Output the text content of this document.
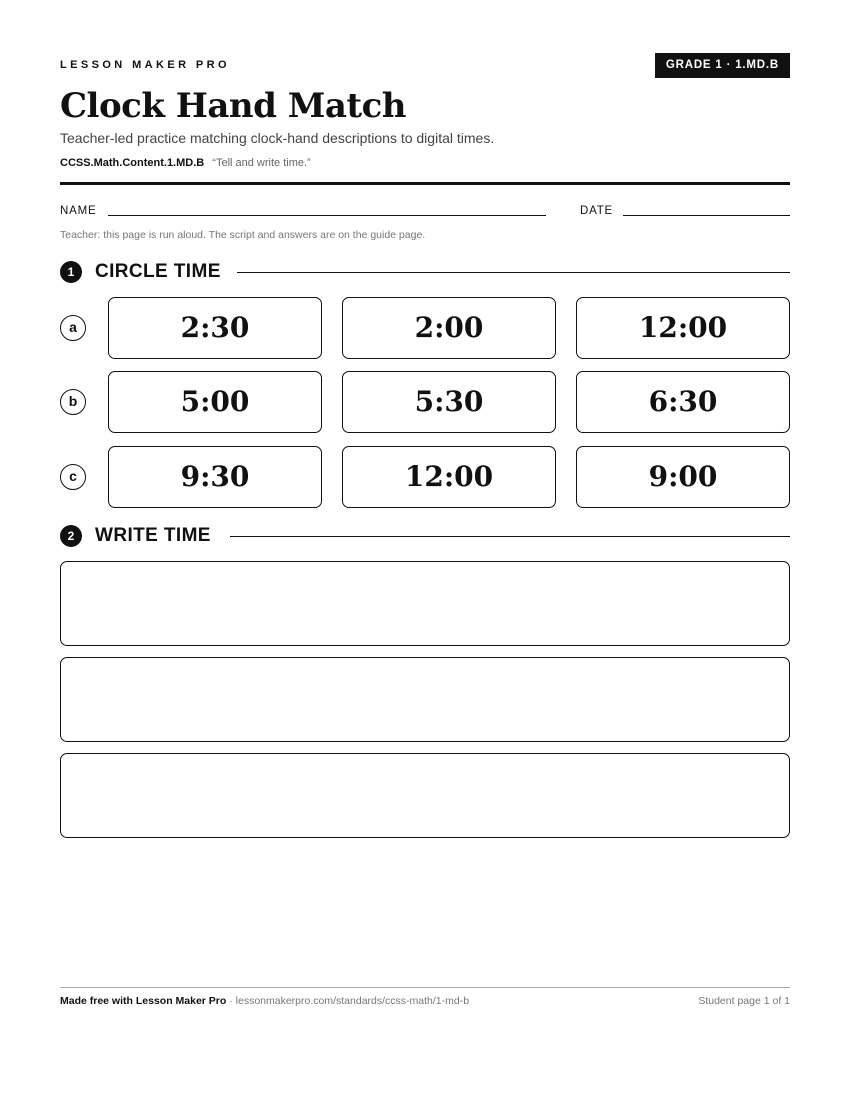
LESSON MAKER PRO	GRADE 1 · 1.MD.B
Clock Hand Match
Teacher-led practice matching clock-hand descriptions to digital times.
CCSS.Math.Content.1.MD.B “Tell and write time.”
NAME	DATE
Teacher: this page is run aloud. The script and answers are on the guide page.
1	CIRCLE TIME
a	2:30	2:00	12:00
b	5:00	5:30	6:30
c	9:30	12:00	9:00
2	WRITE TIME
Made free with Lesson Maker Pro · lessonmakerpro.com/standards/ccss-math/1-md-b	Student page 1 of 1
